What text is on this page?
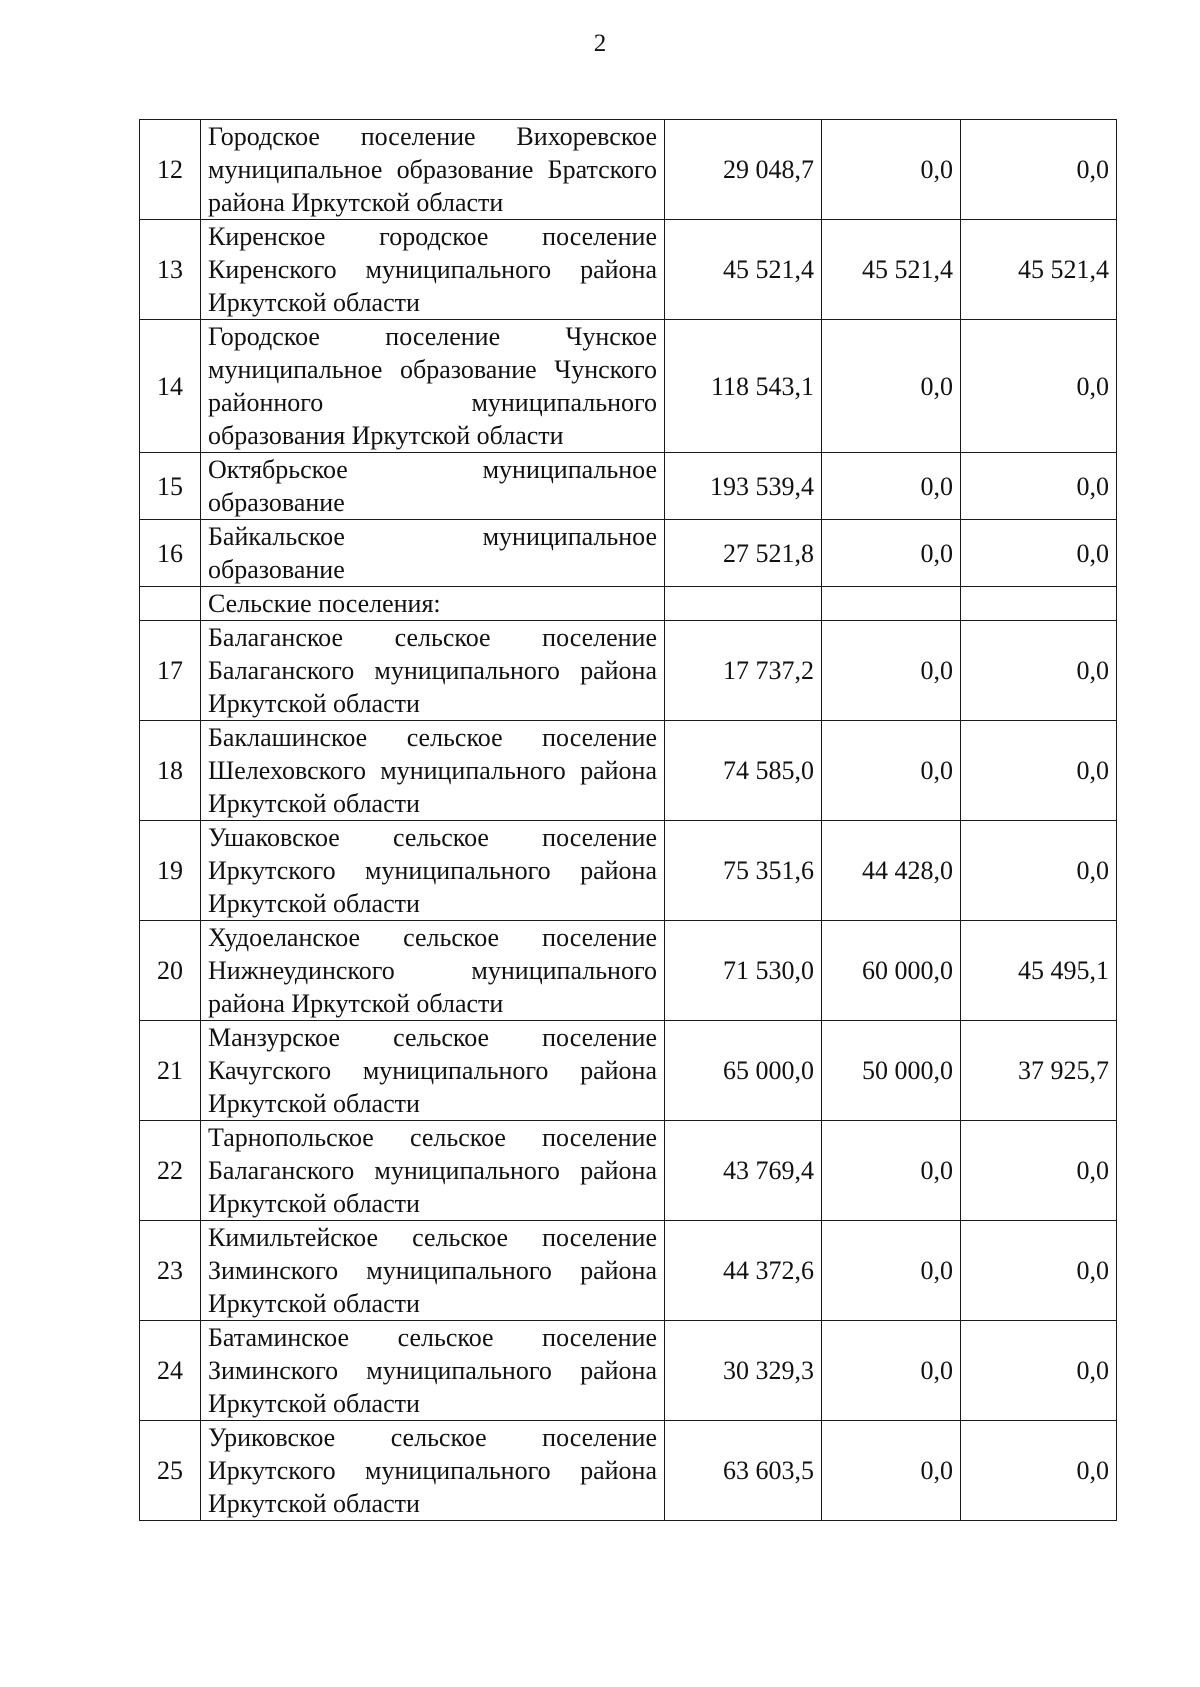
2
12	Городское поселение Вихоревское муниципальное образование Братского района Иркутской области	29 048,7	0,0	0,0
13	Киренское городское поселение Киренского муниципального района Иркутской области	45 521,4	45 521,4	45 521,4
14	Городское поселение Чунское муниципальное образование Чунского районного муниципального образования Иркутской области	118 543,1	0,0	0,0
15	Октябрьское муниципальное образование	193 539,4	0,0	0,0
16	Байкальское муниципальное образование	27 521,8	0,0	0,0
	Сельские поселения:			
17	Балаганское сельское поселение Балаганского муниципального района Иркутской области	17 737,2	0,0	0,0
18	Баклашинское сельское поселение Шелеховского муниципального района Иркутской области	74 585,0	0,0	0,0
19	Ушаковское сельское поселение Иркутского муниципального района Иркутской области	75 351,6	44 428,0	0,0
20	Худоеланское сельское поселение Нижнеудинского муниципального района Иркутской области	71 530,0	60 000,0	45 495,1
21	Манзурское сельское поселение Качугского муниципального района Иркутской области	65 000,0	50 000,0	37 925,7
22	Тарнопольское сельское поселение Балаганского муниципального района Иркутской области	43 769,4	0,0	0,0
23	Кимильтейское сельское поселение Зиминского муниципального района Иркутской области	44 372,6	0,0	0,0
24	Батаминское сельское поселение Зиминского муниципального района Иркутской области	30 329,3	0,0	0,0
25	Уриковское сельское поселение Иркутского муниципального района Иркутской области	63 603,5	0,0	0,0
